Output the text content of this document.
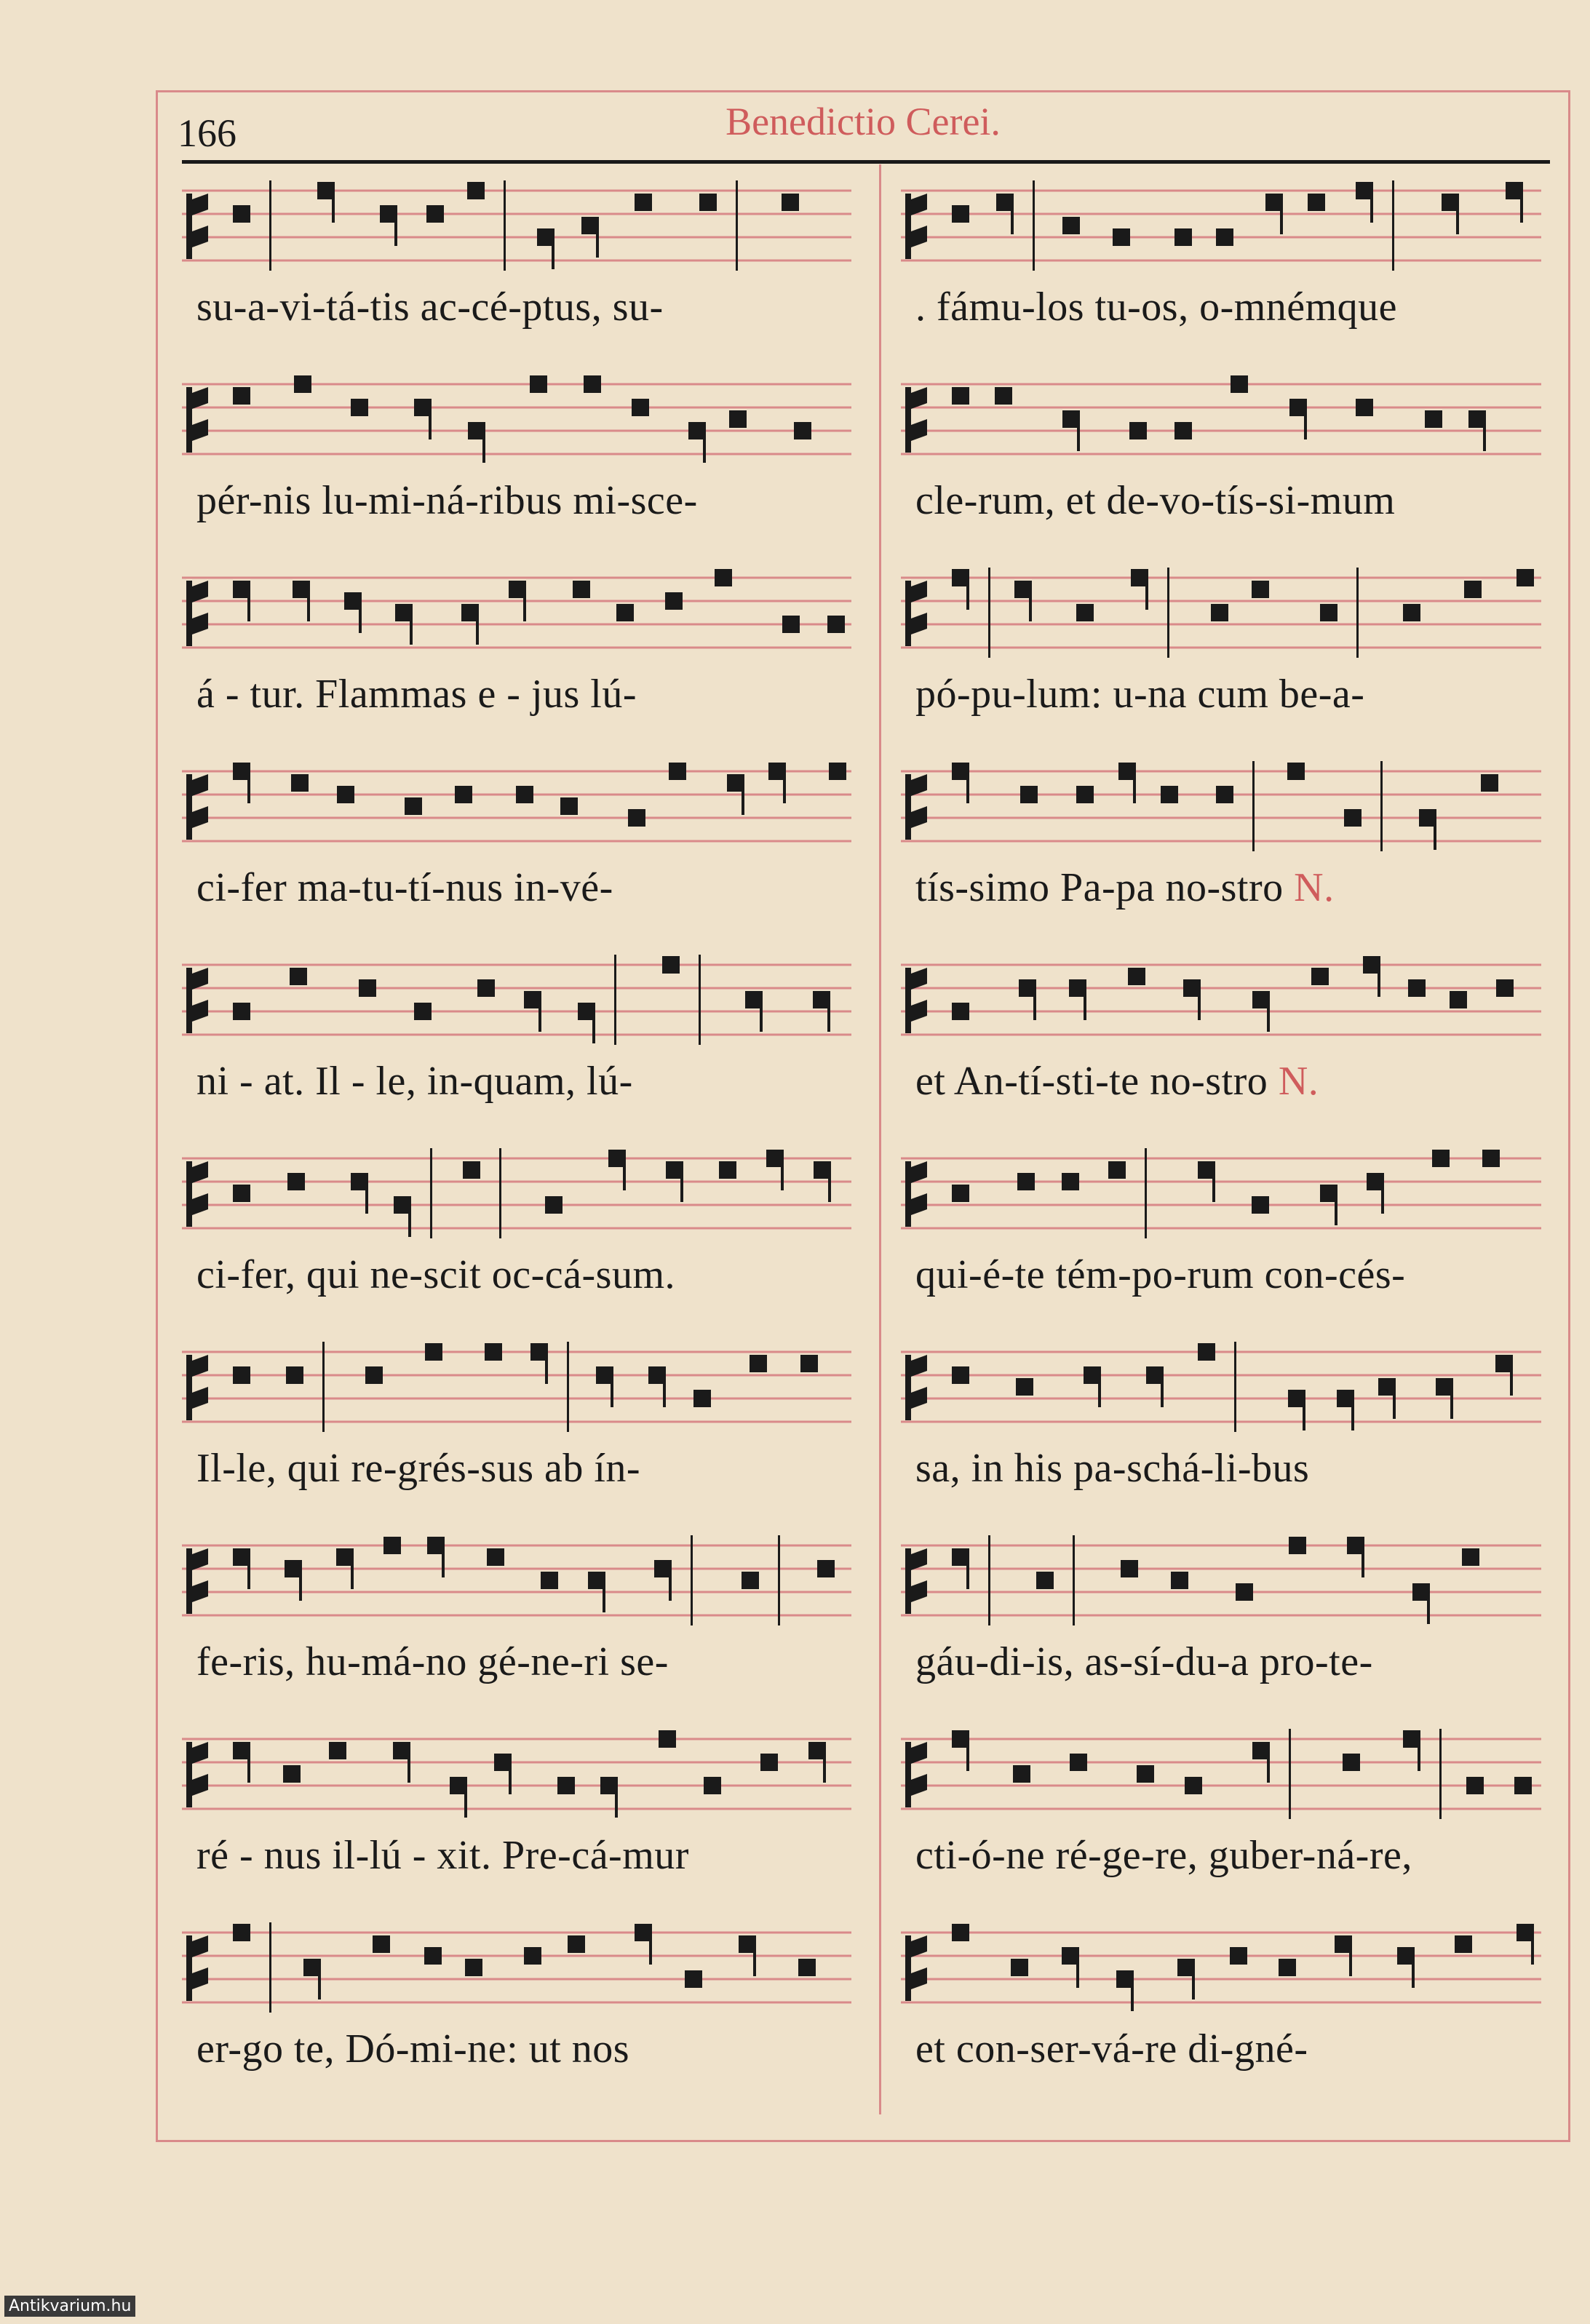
166	Benedictio Cerei.
su-a-vi-tá-tis ac-cé-ptus, su-
pér-nis lu-mi-ná-ribus mi-sce-
á - tur. Flammas e - jus lú-
ci-fer ma-tu-tí-nus in-vé-
ni - at. Il - le, in-quam, lú-
ci-fer, qui ne-scit oc-cá-sum.
Il-le, qui re-grés-sus ab ín-
fe-ris, hu-má-no gé-ne-ri se-
ré - nus il-lú - xit. Pre-cá-mur
er-go te, Dó-mi-ne: ut nos
. fámu-los tu-os, o-mnémque
cle-rum, et de-vo-tís-si-mum
pó-pu-lum: u-na cum be-a-
tís-simo Pa-pa no-stro N.
et An-tí-sti-te no-stro N.
qui-é-te tém-po-rum con-cés-
sa, in his pa-schá-li-bus
gáu-di-is, as-sí-du-a pro-te-
cti-ó-ne ré-ge-re, guber-ná-re,
et con-ser-vá-re di-gné-
Antikvarium.hu
